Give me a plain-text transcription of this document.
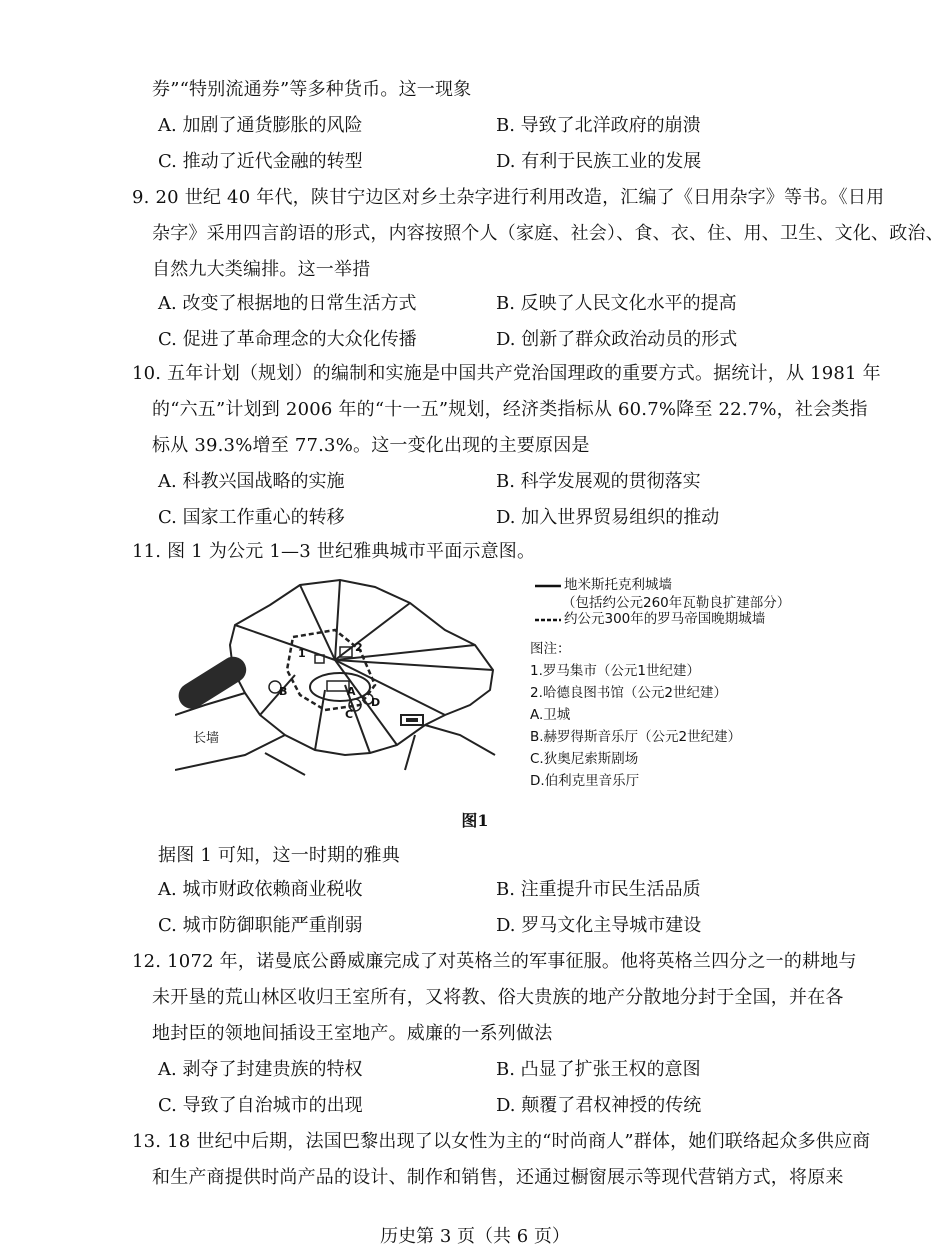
券”“特别流通券”等多种货币。这一现象
A. 加剧了通货膨胀的风险	B. 导致了北洋政府的崩溃
C. 推动了近代金融的转型	D. 有利于民族工业的发展
9. 20 世纪 40 年代，陕甘宁边区对乡土杂字进行利用改造，汇编了《日用杂字》等书。《日用
杂字》采用四言韵语的形式，内容按照个人（家庭、社会）、食、衣、住、用、卫生、文化、政治、
自然九大类编排。这一举措
A. 改变了根据地的日常生活方式	B. 反映了人民文化水平的提高
C. 促进了革命理念的大众化传播	D. 创新了群众政治动员的形式
10. 五年计划（规划）的编制和实施是中国共产党治国理政的重要方式。据统计，从 1981 年
的“六五”计划到 2006 年的“十一五”规划，经济类指标从 60.7%降至 22.7%，社会类指
标从 39.3%增至 77.3%。这一变化出现的主要原因是
A. 科教兴国战略的实施	B. 科学发展观的贯彻落实
C. 国家工作重心的转移	D. 加入世界贸易组织的推动
11. 图 1 为公元 1—3 世纪雅典城市平面示意图。
1	2
A
B
C
D
长墙
地米斯托克利城墙
（包括约公元260年瓦勒良扩建部分）
约公元300年的罗马帝国晚期城墙
图注：
1.罗马集市（公元1世纪建）
2.哈德良图书馆（公元2世纪建）
A.卫城
B.赫罗得斯音乐厅（公元2世纪建）
C.狄奥尼索斯剧场
D.伯利克里音乐厅
图1
据图 1 可知，这一时期的雅典
A. 城市财政依赖商业税收	B. 注重提升市民生活品质
C. 城市防御职能严重削弱	D. 罗马文化主导城市建设
12. 1072 年，诺曼底公爵威廉完成了对英格兰的军事征服。他将英格兰四分之一的耕地与
未开垦的荒山林区收归王室所有，又将教、俗大贵族的地产分散地分封于全国，并在各
地封臣的领地间插设王室地产。威廉的一系列做法
A. 剥夺了封建贵族的特权	B. 凸显了扩张王权的意图
C. 导致了自治城市的出现	D. 颠覆了君权神授的传统
13. 18 世纪中后期，法国巴黎出现了以女性为主的“时尚商人”群体，她们联络起众多供应商
和生产商提供时尚产品的设计、制作和销售，还通过橱窗展示等现代营销方式，将原来
历史第 3 页（共 6 页）
